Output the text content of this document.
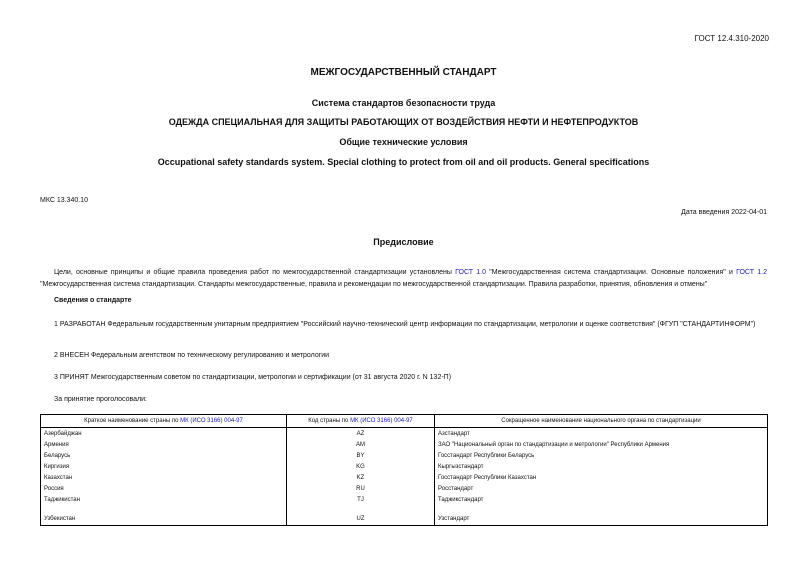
ГОСТ 12.4.310-2020
МЕЖГОСУДАРСТВЕННЫЙ СТАНДАРТ
Система стандартов безопасности труда
ОДЕЖДА СПЕЦИАЛЬНАЯ ДЛЯ ЗАЩИТЫ РАБОТАЮЩИХ ОТ ВОЗДЕЙСТВИЯ НЕФТИ И НЕФТЕПРОДУКТОВ
Общие технические условия
Occupational safety standards system. Special clothing to protect from oil and oil products. General specifications
МКС 13.340.10
Дата введения 2022-04-01
Предисловие
Цели, основные принципы и общие правила проведения работ по межгосударственной стандартизации установлены ГОСТ 1.0 "Межгосударственная система стандартизации. Основные положения" и ГОСТ 1.2 "Межгосударственная система стандартизации. Стандарты межгосударственные, правила и рекомендации по межгосударственной стандартизации. Правила разработки, принятия, обновления и отмены"
Сведения о стандарте
1 РАЗРАБОТАН Федеральным государственным унитарным предприятием "Российский научно-технический центр информации по стандартизации, метрологии и оценке соответствия" (ФГУП "СТАНДАРТИНФОРМ")
2 ВНЕСЕН Федеральным агентством по техническому регулированию и метрологии
3 ПРИНЯТ Межгосударственным советом по стандартизации, метрологии и сертификации (от 31 августа 2020 г. N 132-П)
За принятие проголосовали:
Краткое наименование страны по МК (ИСО 3166) 004-97	Код страны по МК (ИСО 3166) 004-97	Сокращенное наименование национального органа по стандартизации
Азербайджан	AZ	Азстандарт
Армения	AM	ЗАО "Национальный орган по стандартизации и метрологии" Республики Армения
Беларусь	BY	Госстандарт Республики Беларусь
Киргизия	KG	Кыргызстандарт
Казахстан	KZ	Госстандарт Республики Казахстан
Россия	RU	Росстандарт
Таджикистан	TJ	Таджикстандарт

Узбекистан	UZ	Узстандарт
